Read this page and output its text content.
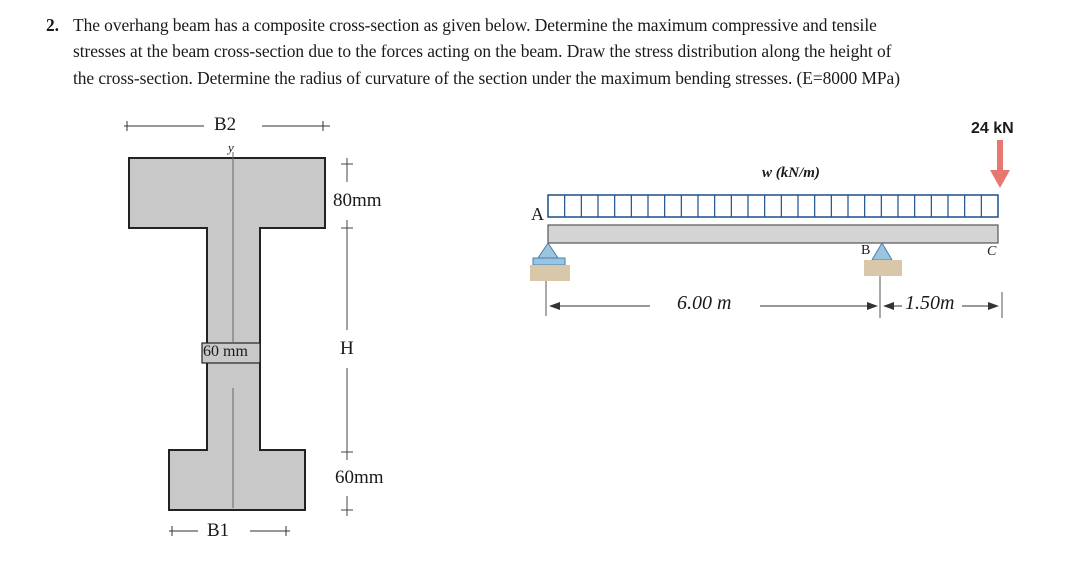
2. The overhang beam has a composite cross-section as given below. Determine the maximum compressive and tensile
stresses at the beam cross-section due to the forces acting on the beam. Draw the stress distribution along the height of
the cross-section. Determine the radius of curvature of the section under the maximum bending stresses. (E=8000 MPa)
B2
y
80mm
60 mm	H
60mm
B1
24 kN
w (kN/m)
A
B	C
6.00 m	1.50m
